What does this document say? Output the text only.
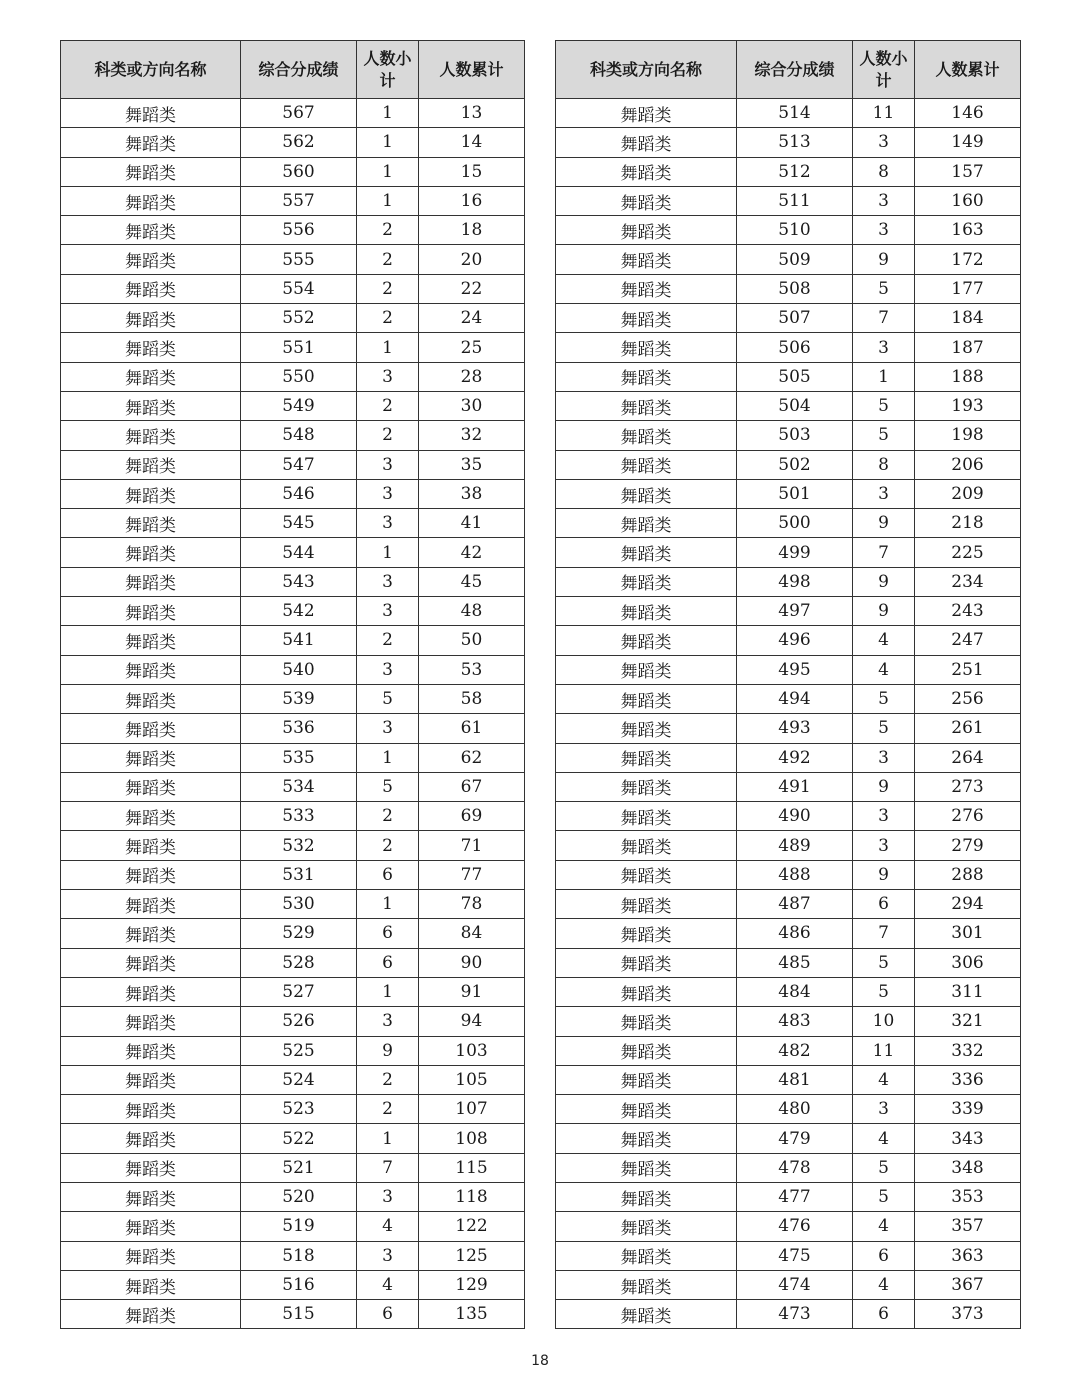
科类或方向名称	综合分成绩	人数小计	人数累计
舞蹈类	567	1	13
舞蹈类	562	1	14
舞蹈类	560	1	15
舞蹈类	557	1	16
舞蹈类	556	2	18
舞蹈类	555	2	20
舞蹈类	554	2	22
舞蹈类	552	2	24
舞蹈类	551	1	25
舞蹈类	550	3	28
舞蹈类	549	2	30
舞蹈类	548	2	32
舞蹈类	547	3	35
舞蹈类	546	3	38
舞蹈类	545	3	41
舞蹈类	544	1	42
舞蹈类	543	3	45
舞蹈类	542	3	48
舞蹈类	541	2	50
舞蹈类	540	3	53
舞蹈类	539	5	58
舞蹈类	536	3	61
舞蹈类	535	1	62
舞蹈类	534	5	67
舞蹈类	533	2	69
舞蹈类	532	2	71
舞蹈类	531	6	77
舞蹈类	530	1	78
舞蹈类	529	6	84
舞蹈类	528	6	90
舞蹈类	527	1	91
舞蹈类	526	3	94
舞蹈类	525	9	103
舞蹈类	524	2	105
舞蹈类	523	2	107
舞蹈类	522	1	108
舞蹈类	521	7	115
舞蹈类	520	3	118
舞蹈类	519	4	122
舞蹈类	518	3	125
舞蹈类	516	4	129
舞蹈类	515	6	135
科类或方向名称	综合分成绩	人数小计	人数累计
舞蹈类	514	11	146
舞蹈类	513	3	149
舞蹈类	512	8	157
舞蹈类	511	3	160
舞蹈类	510	3	163
舞蹈类	509	9	172
舞蹈类	508	5	177
舞蹈类	507	7	184
舞蹈类	506	3	187
舞蹈类	505	1	188
舞蹈类	504	5	193
舞蹈类	503	5	198
舞蹈类	502	8	206
舞蹈类	501	3	209
舞蹈类	500	9	218
舞蹈类	499	7	225
舞蹈类	498	9	234
舞蹈类	497	9	243
舞蹈类	496	4	247
舞蹈类	495	4	251
舞蹈类	494	5	256
舞蹈类	493	5	261
舞蹈类	492	3	264
舞蹈类	491	9	273
舞蹈类	490	3	276
舞蹈类	489	3	279
舞蹈类	488	9	288
舞蹈类	487	6	294
舞蹈类	486	7	301
舞蹈类	485	5	306
舞蹈类	484	5	311
舞蹈类	483	10	321
舞蹈类	482	11	332
舞蹈类	481	4	336
舞蹈类	480	3	339
舞蹈类	479	4	343
舞蹈类	478	5	348
舞蹈类	477	5	353
舞蹈类	476	4	357
舞蹈类	475	6	363
舞蹈类	474	4	367
舞蹈类	473	6	373
18
